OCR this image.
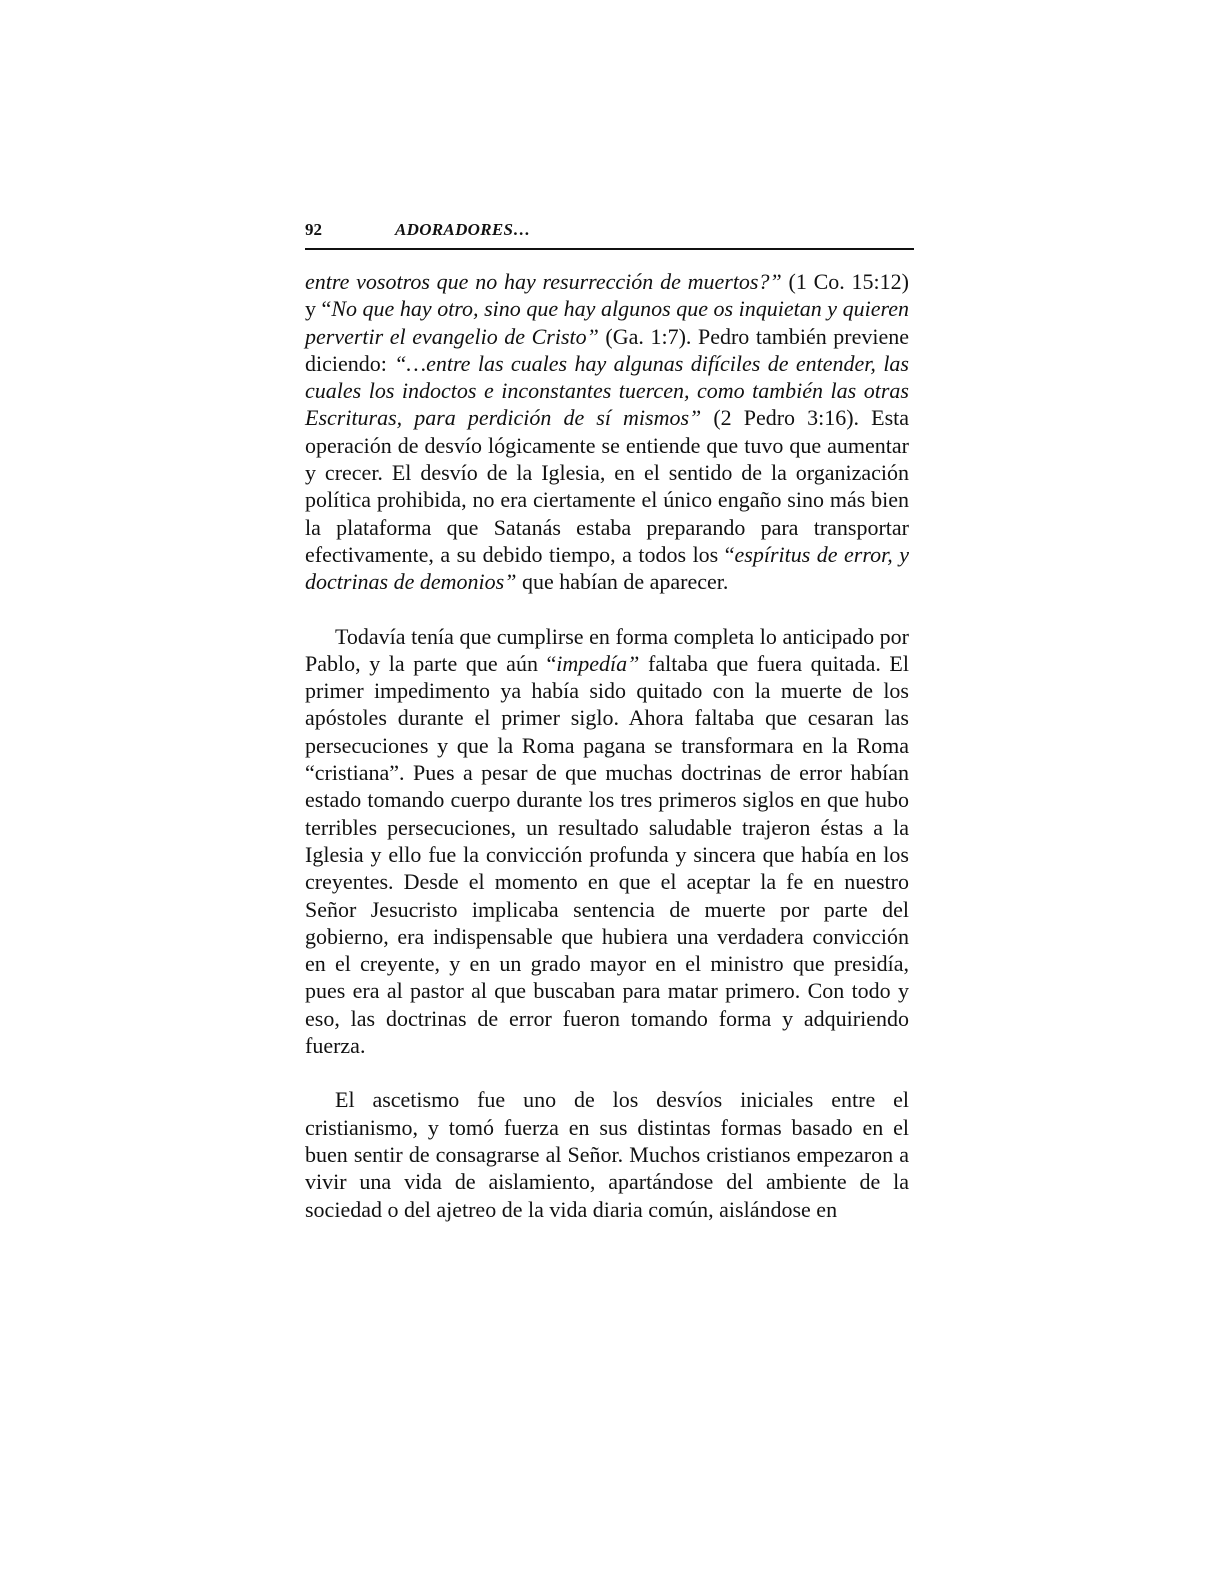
92	ADORADORES…

entre vosotros que no hay resurrección de muertos?” (1 Co. 15:12) y “No que hay otro, sino que hay algunos que os inquietan y quieren pervertir el evangelio de Cristo” (Ga. 1:7). Pedro también previene diciendo: “…entre las cuales hay algunas difíciles de entender, las cuales los indoctos e inconstantes tuercen, como también las otras Escrituras, para perdición de sí mismos” (2 Pedro 3:16). Esta operación de desvío lógicamente se entiende que tuvo que aumentar y crecer. El desvío de la Iglesia, en el sentido de la organización política prohibida, no era ciertamente el único engaño sino más bien la plataforma que Satanás estaba preparando para transportar efectivamente, a su debido tiempo, a todos los “espíritus de error, y doctrinas de demonios” que habían de aparecer.

Todavía tenía que cumplirse en forma completa lo anticipado por Pablo, y la parte que aún “impedía” faltaba que fuera quitada. El primer impedimento ya había sido quitado con la muerte de los apóstoles durante el primer siglo. Ahora faltaba que cesaran las persecuciones y que la Roma pagana se transformara en la Roma “cristiana”. Pues a pesar de que muchas doctrinas de error habían estado tomando cuerpo durante los tres primeros siglos en que hubo terribles persecuciones, un resultado saludable trajeron éstas a la Iglesia y ello fue la convicción profunda y sincera que había en los creyentes. Desde el momento en que el aceptar la fe en nuestro Señor Jesucristo implicaba sentencia de muerte por parte del gobierno, era indispensable que hubiera una verdadera convicción en el creyente, y en un grado mayor en el ministro que presidía, pues era al pastor al que buscaban para matar primero. Con todo y eso, las doctrinas de error fueron tomando forma y adquiriendo fuerza.

El ascetismo fue uno de los desvíos iniciales entre el cristianismo, y tomó fuerza en sus distintas formas basado en el buen sentir de consagrarse al Señor. Muchos cristianos empezaron a vivir una vida de aislamiento, apartándose del ambiente de la sociedad o del ajetreo de la vida diaria común, aislándose en
